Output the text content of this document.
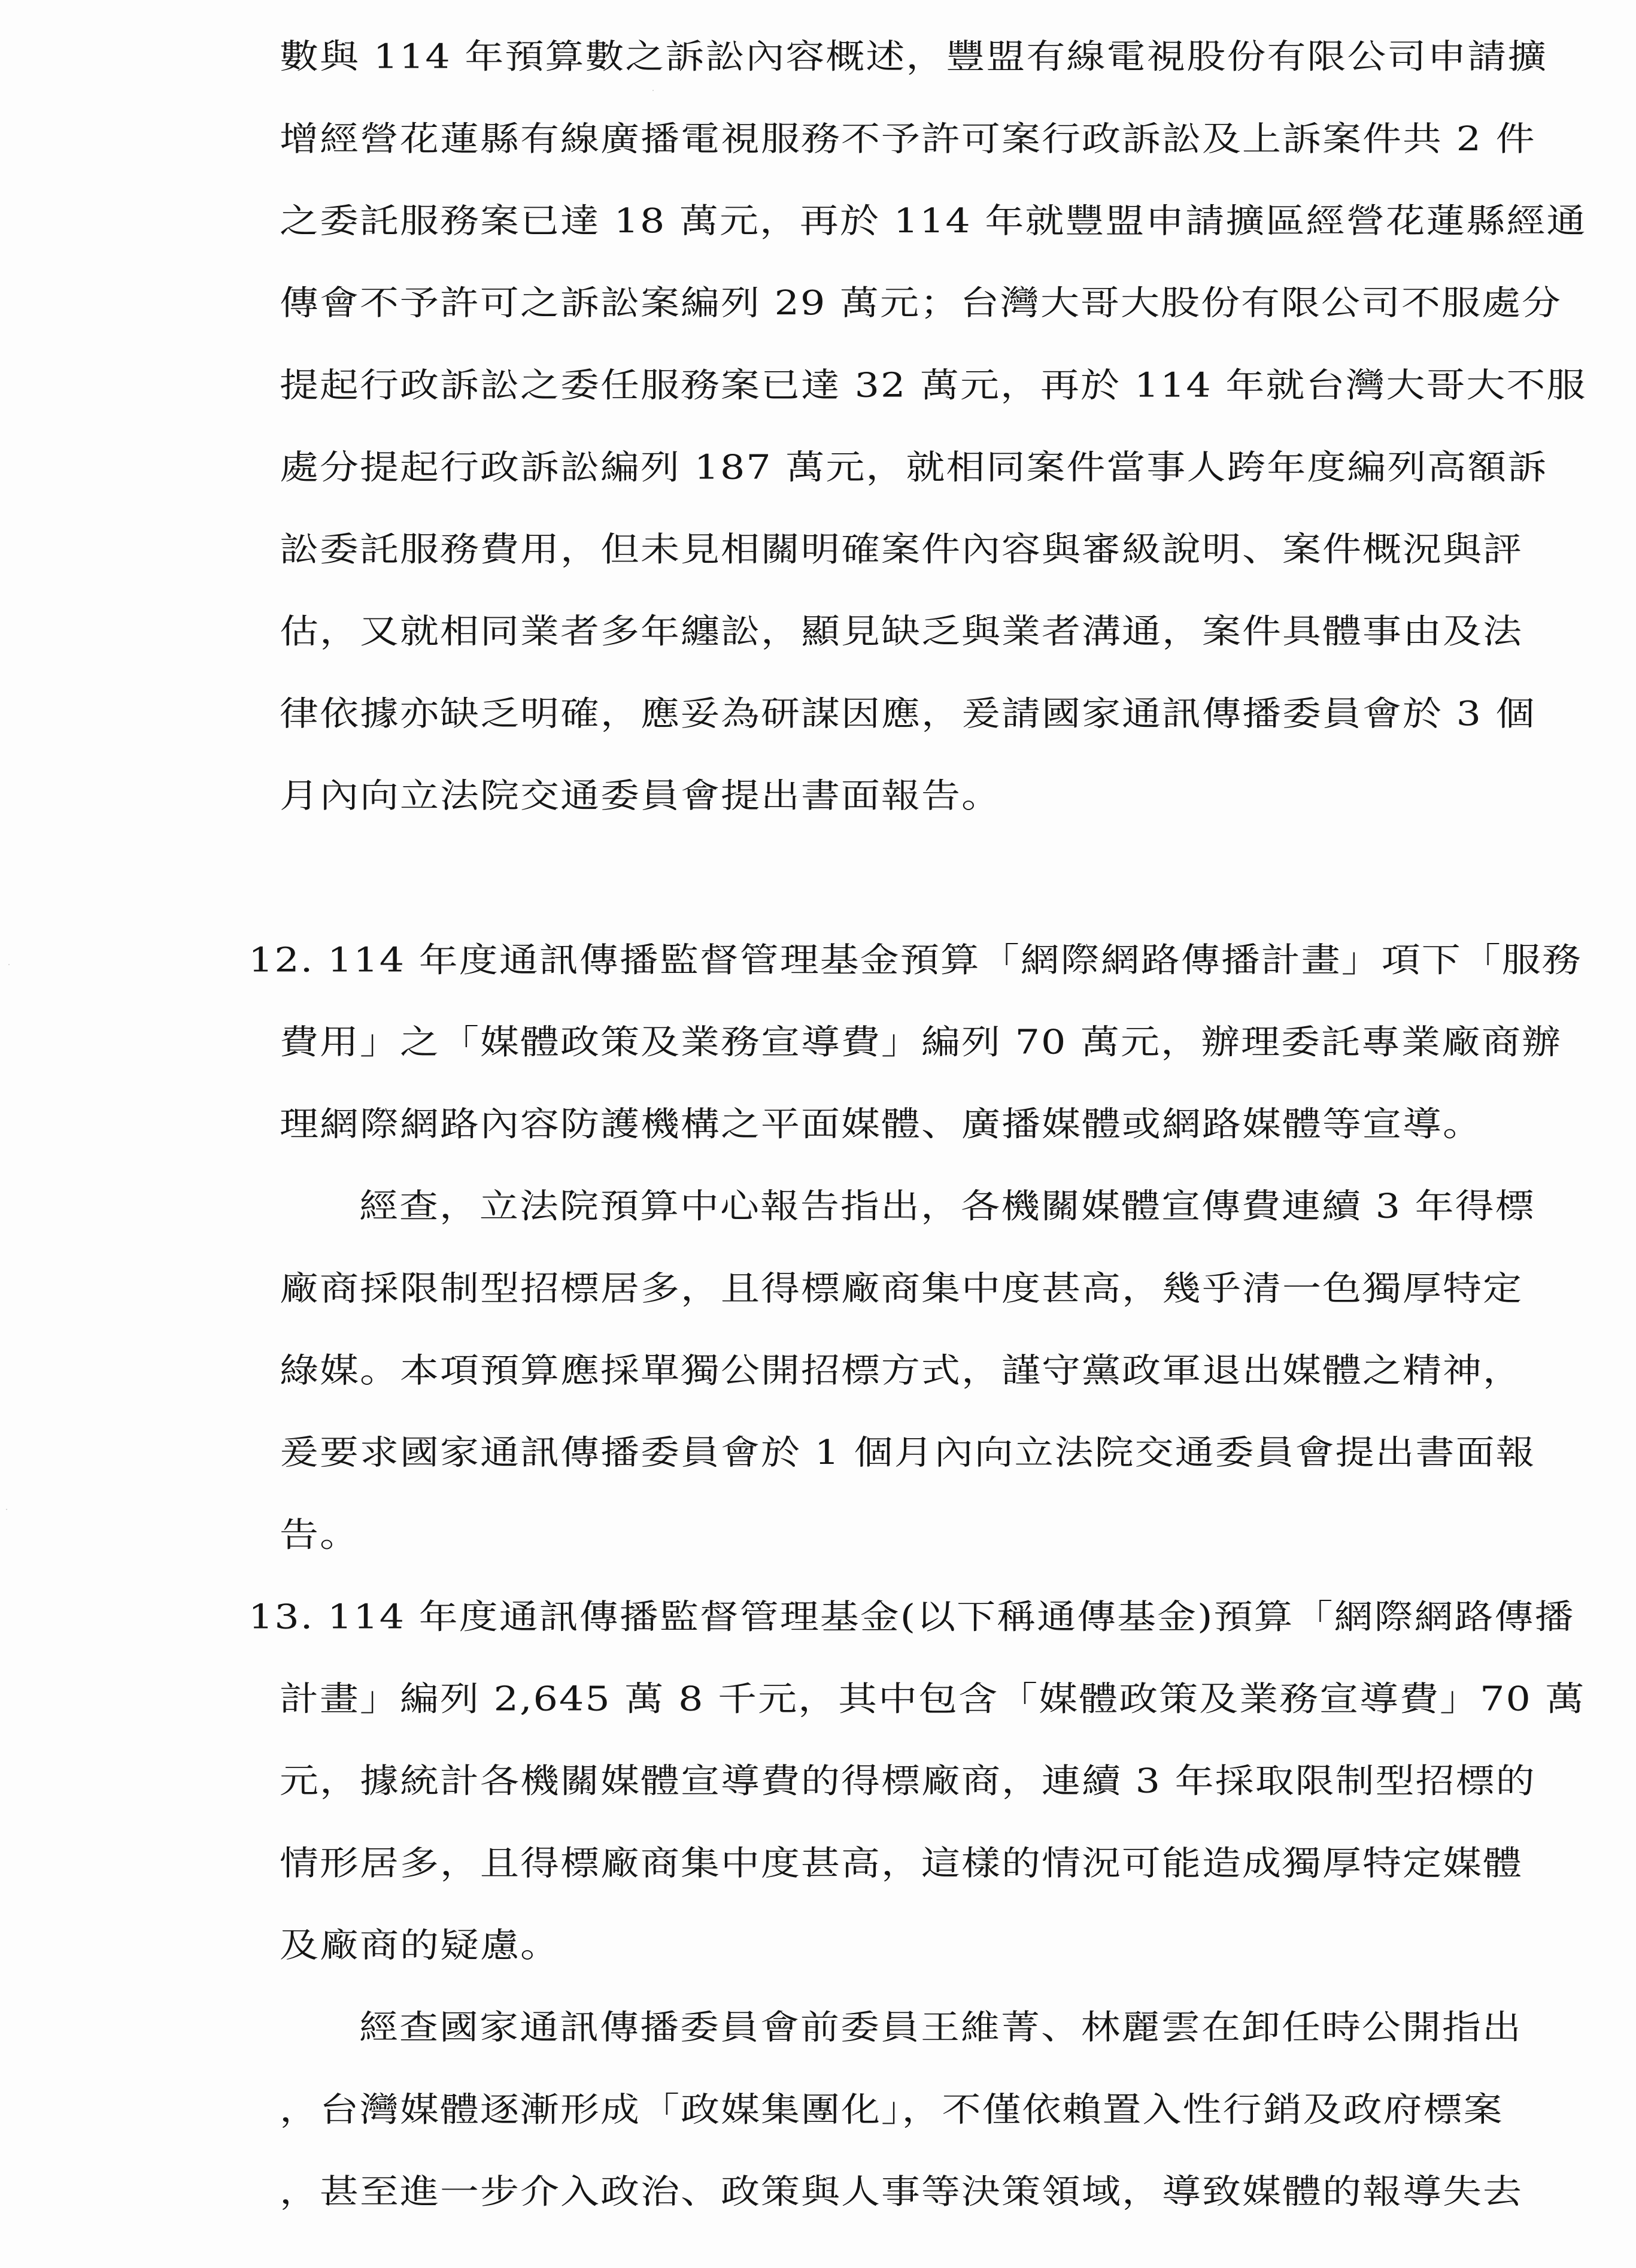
數與 114 年預算數之訴訟內容概述，豐盟有線電視股份有限公司申請擴
增經營花蓮縣有線廣播電視服務不予許可案行政訴訟及上訴案件共 2 件
之委託服務案已達 18 萬元，再於 114 年就豐盟申請擴區經營花蓮縣經通
傳會不予許可之訴訟案編列 29 萬元；台灣大哥大股份有限公司不服處分
提起行政訴訟之委任服務案已達 32 萬元，再於 114 年就台灣大哥大不服
處分提起行政訴訟編列 187 萬元，就相同案件當事人跨年度編列高額訴
訟委託服務費用，但未見相關明確案件內容與審級說明、案件概況與評
估，又就相同業者多年纏訟，顯見缺乏與業者溝通，案件具體事由及法
律依據亦缺乏明確，應妥為研謀因應，爰請國家通訊傳播委員會於 3 個
月內向立法院交通委員會提出書面報告。
12. 114 年度通訊傳播監督管理基金預算「網際網路傳播計畫」項下「服務
費用」之「媒體政策及業務宣導費」編列 70 萬元，辦理委託專業廠商辦
理網際網路內容防護機構之平面媒體、廣播媒體或網路媒體等宣導。
經查，立法院預算中心報告指出，各機關媒體宣傳費連續 3 年得標
廠商採限制型招標居多，且得標廠商集中度甚高，幾乎清一色獨厚特定
綠媒。本項預算應採單獨公開招標方式，謹守黨政軍退出媒體之精神，
爰要求國家通訊傳播委員會於 1 個月內向立法院交通委員會提出書面報
告。
13. 114 年度通訊傳播監督管理基金(以下稱通傳基金)預算「網際網路傳播
計畫」編列 2,645 萬 8 千元，其中包含「媒體政策及業務宣導費」70 萬
元，據統計各機關媒體宣導費的得標廠商，連續 3 年採取限制型招標的
情形居多，且得標廠商集中度甚高，這樣的情況可能造成獨厚特定媒體
及廠商的疑慮。
經查國家通訊傳播委員會前委員王維菁、林麗雲在卸任時公開指出
，台灣媒體逐漸形成「政媒集團化」，不僅依賴置入性行銷及政府標案
，甚至進一步介入政治、政策與人事等決策領域，導致媒體的報導失去
